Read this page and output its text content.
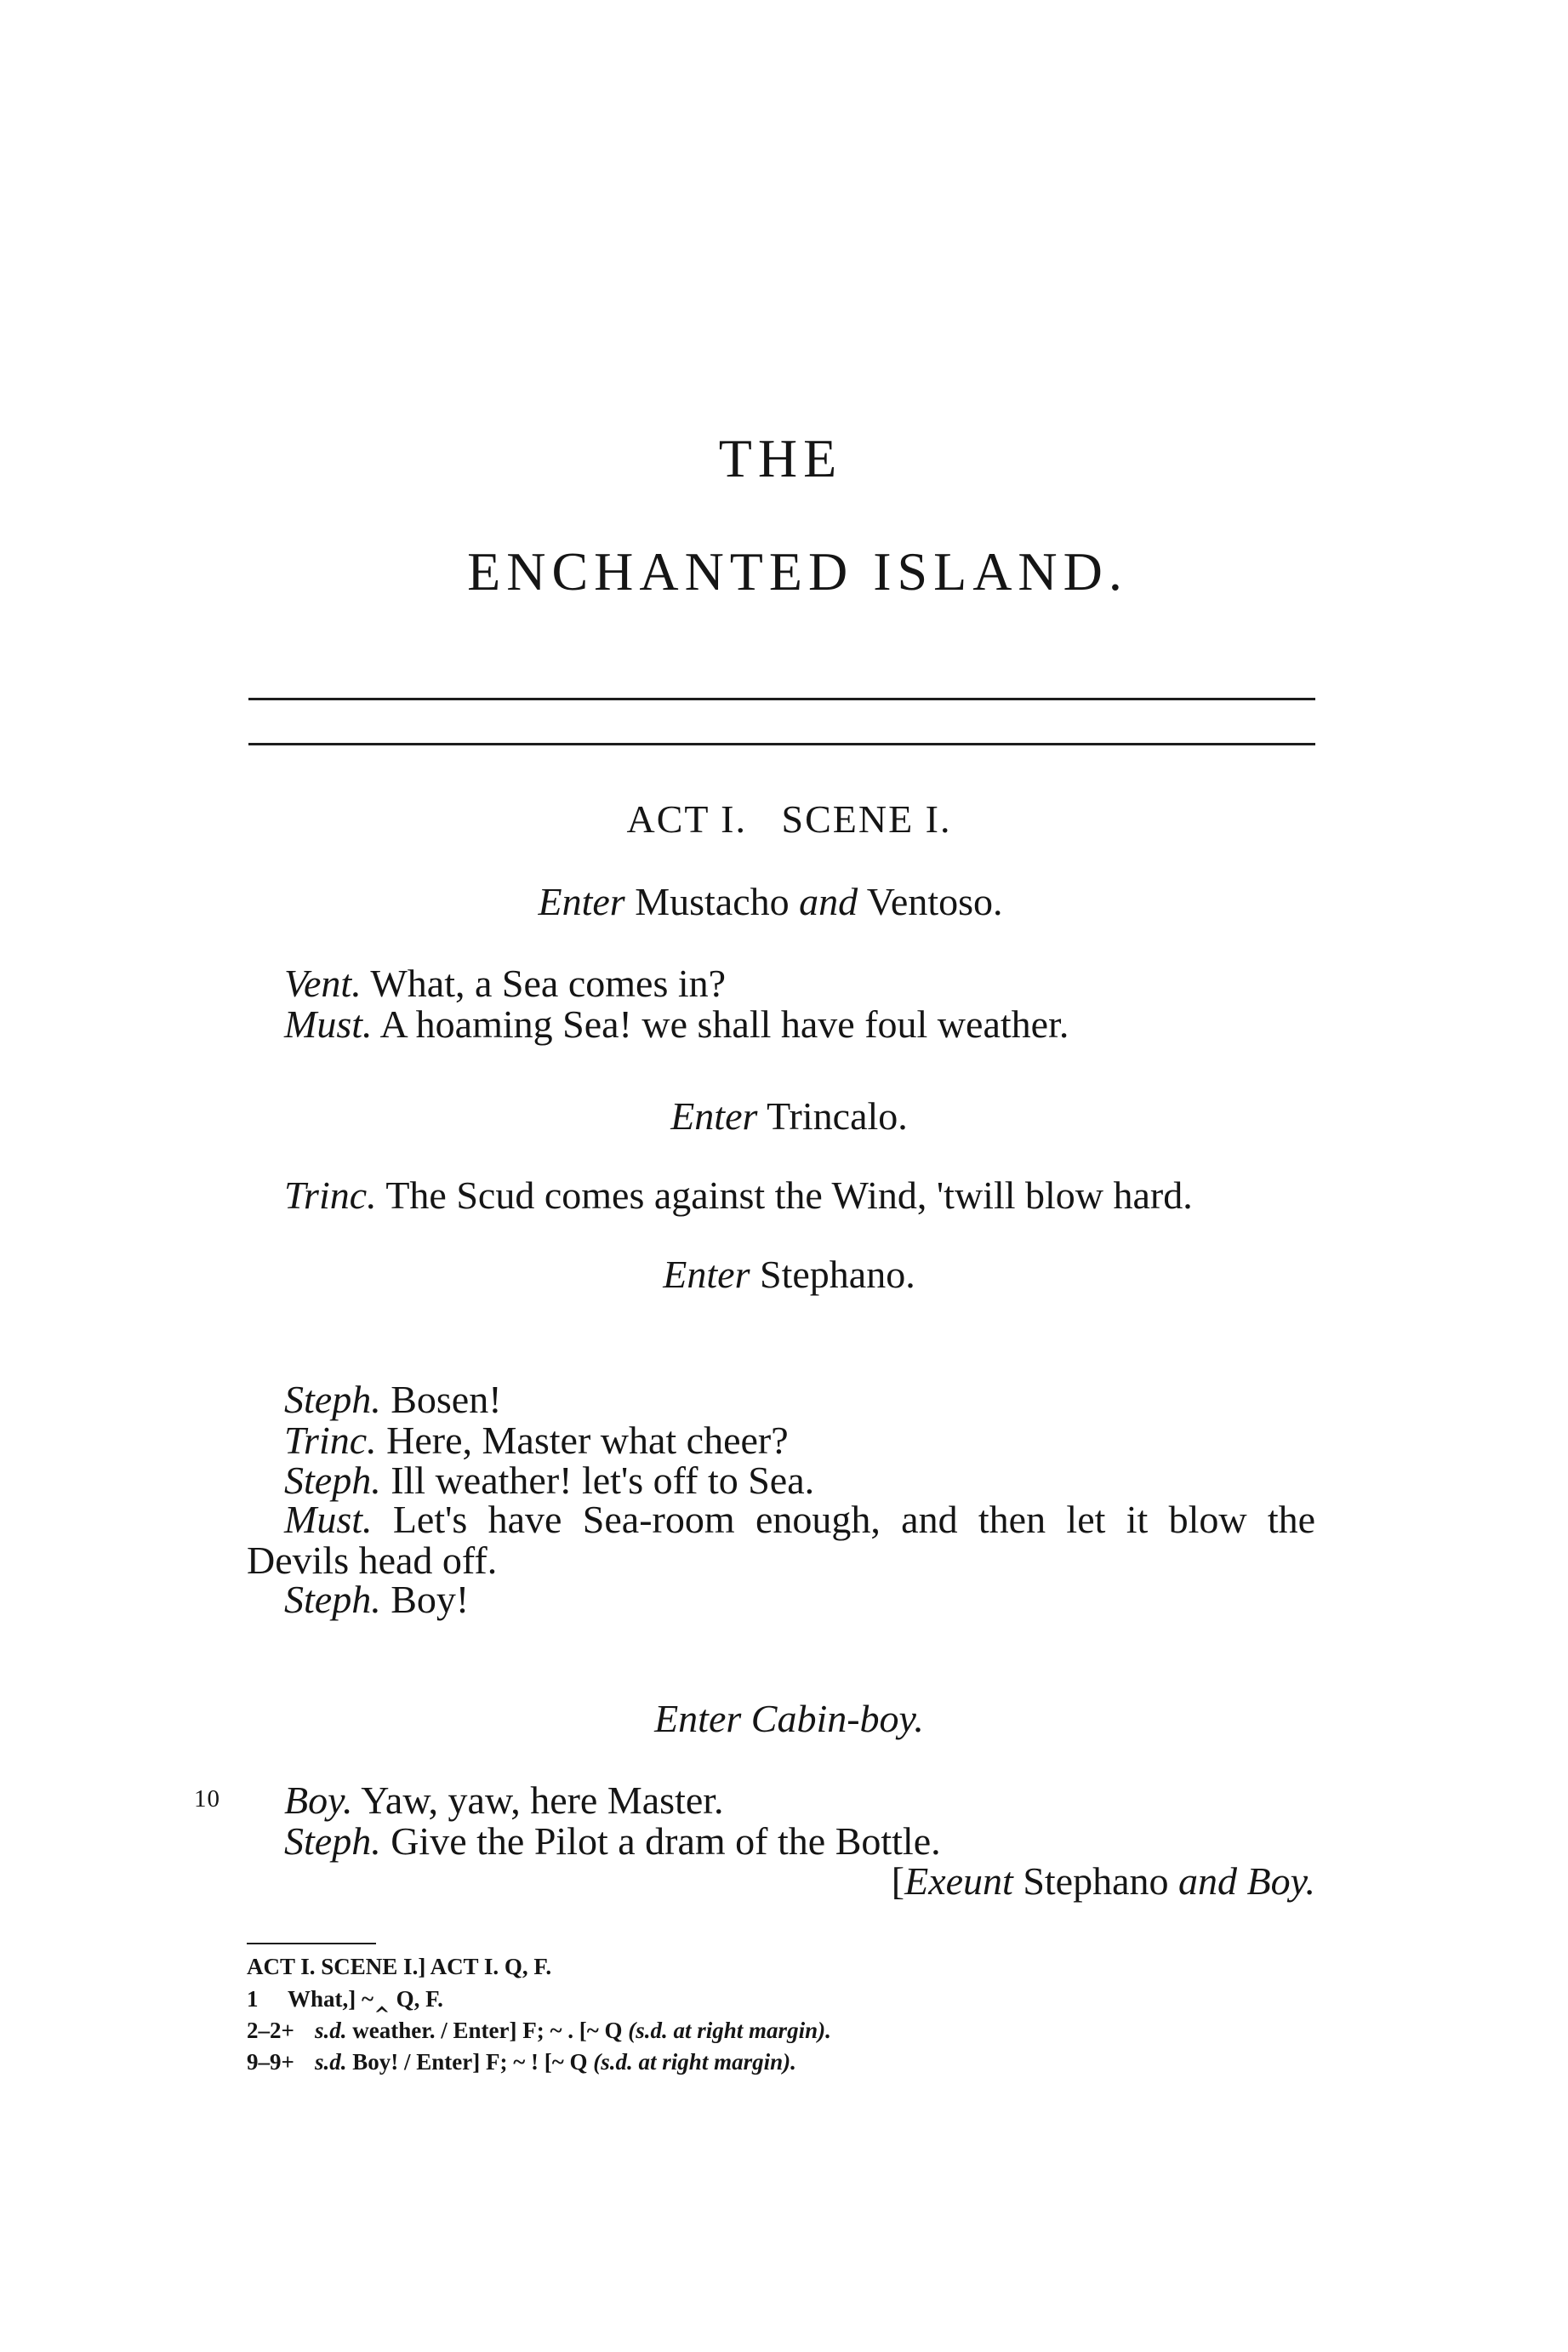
THE
ENCHANTED ISLAND.
ACT I.   SCENE I.
Enter Mustacho and Ventoso.
Vent. What, a Sea comes in?
Must. A hoaming Sea! we shall have foul weather.
Enter Trincalo.
Trinc. The Scud comes against the Wind, 'twill blow hard.
Enter Stephano.
Steph. Bosen!
Trinc. Here, Master what cheer?
Steph. Ill weather! let's off to Sea.
Must. Let's have Sea-room enough, and then let it blow the
Devils head off.
Steph. Boy!
Enter Cabin-boy.
10 Boy. Yaw, yaw, here Master.
Steph. Give the Pilot a dram of the Bottle.
[Exeunt Stephano and Boy.
ACT I. SCENE I.] ACT I. Q, F.
1 What,] ~‸ Q, F.
2–2+ s.d. weather. / Enter] F; ~ . [~ Q (s.d. at right margin).
9–9+ s.d. Boy! / Enter] F; ~ ! [~ Q (s.d. at right margin).
